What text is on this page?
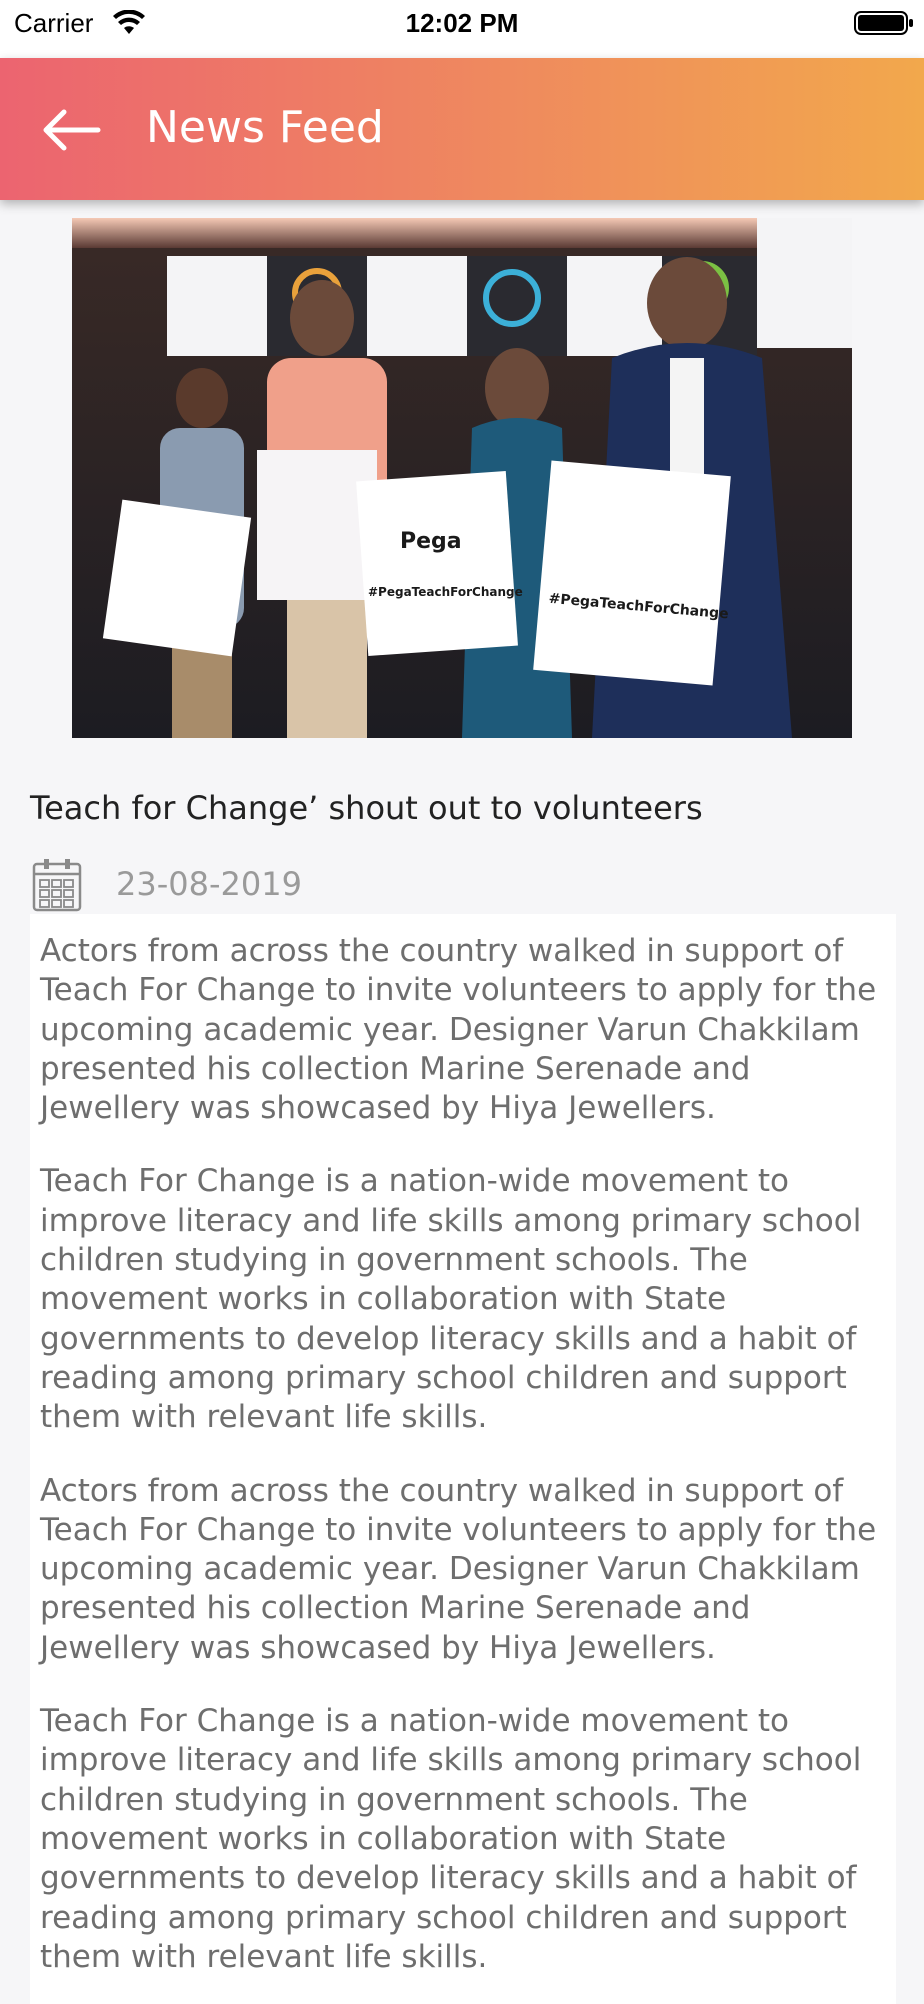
Carrier	12:02 PM
News Feed
Pega
#PegaTeachForChange #PegaTeachForChange
Teach for Change’ shout out to volunteers
23-08-2019

Actors from across the country walked in support of Teach For Change to invite volunteers to apply for the upcoming academic year. Designer Varun Chakkilam presented his collection Marine Serenade and Jewellery was showcased by Hiya Jewellers.

Teach For Change is a nation-wide movement to improve literacy and life skills among primary school children studying in government schools. The movement works in collaboration with State governments to develop literacy skills and a habit of reading among primary school children and support them with relevant life skills.

Actors from across the country walked in support of Teach For Change to invite volunteers to apply for the upcoming academic year. Designer Varun Chakkilam presented his collection Marine Serenade and Jewellery was showcased by Hiya Jewellers.

Teach For Change is a nation-wide movement to improve literacy and life skills among primary school children studying in government schools. The movement works in collaboration with State governments to develop literacy skills and a habit of reading among primary school children and support them with relevant life skills.
